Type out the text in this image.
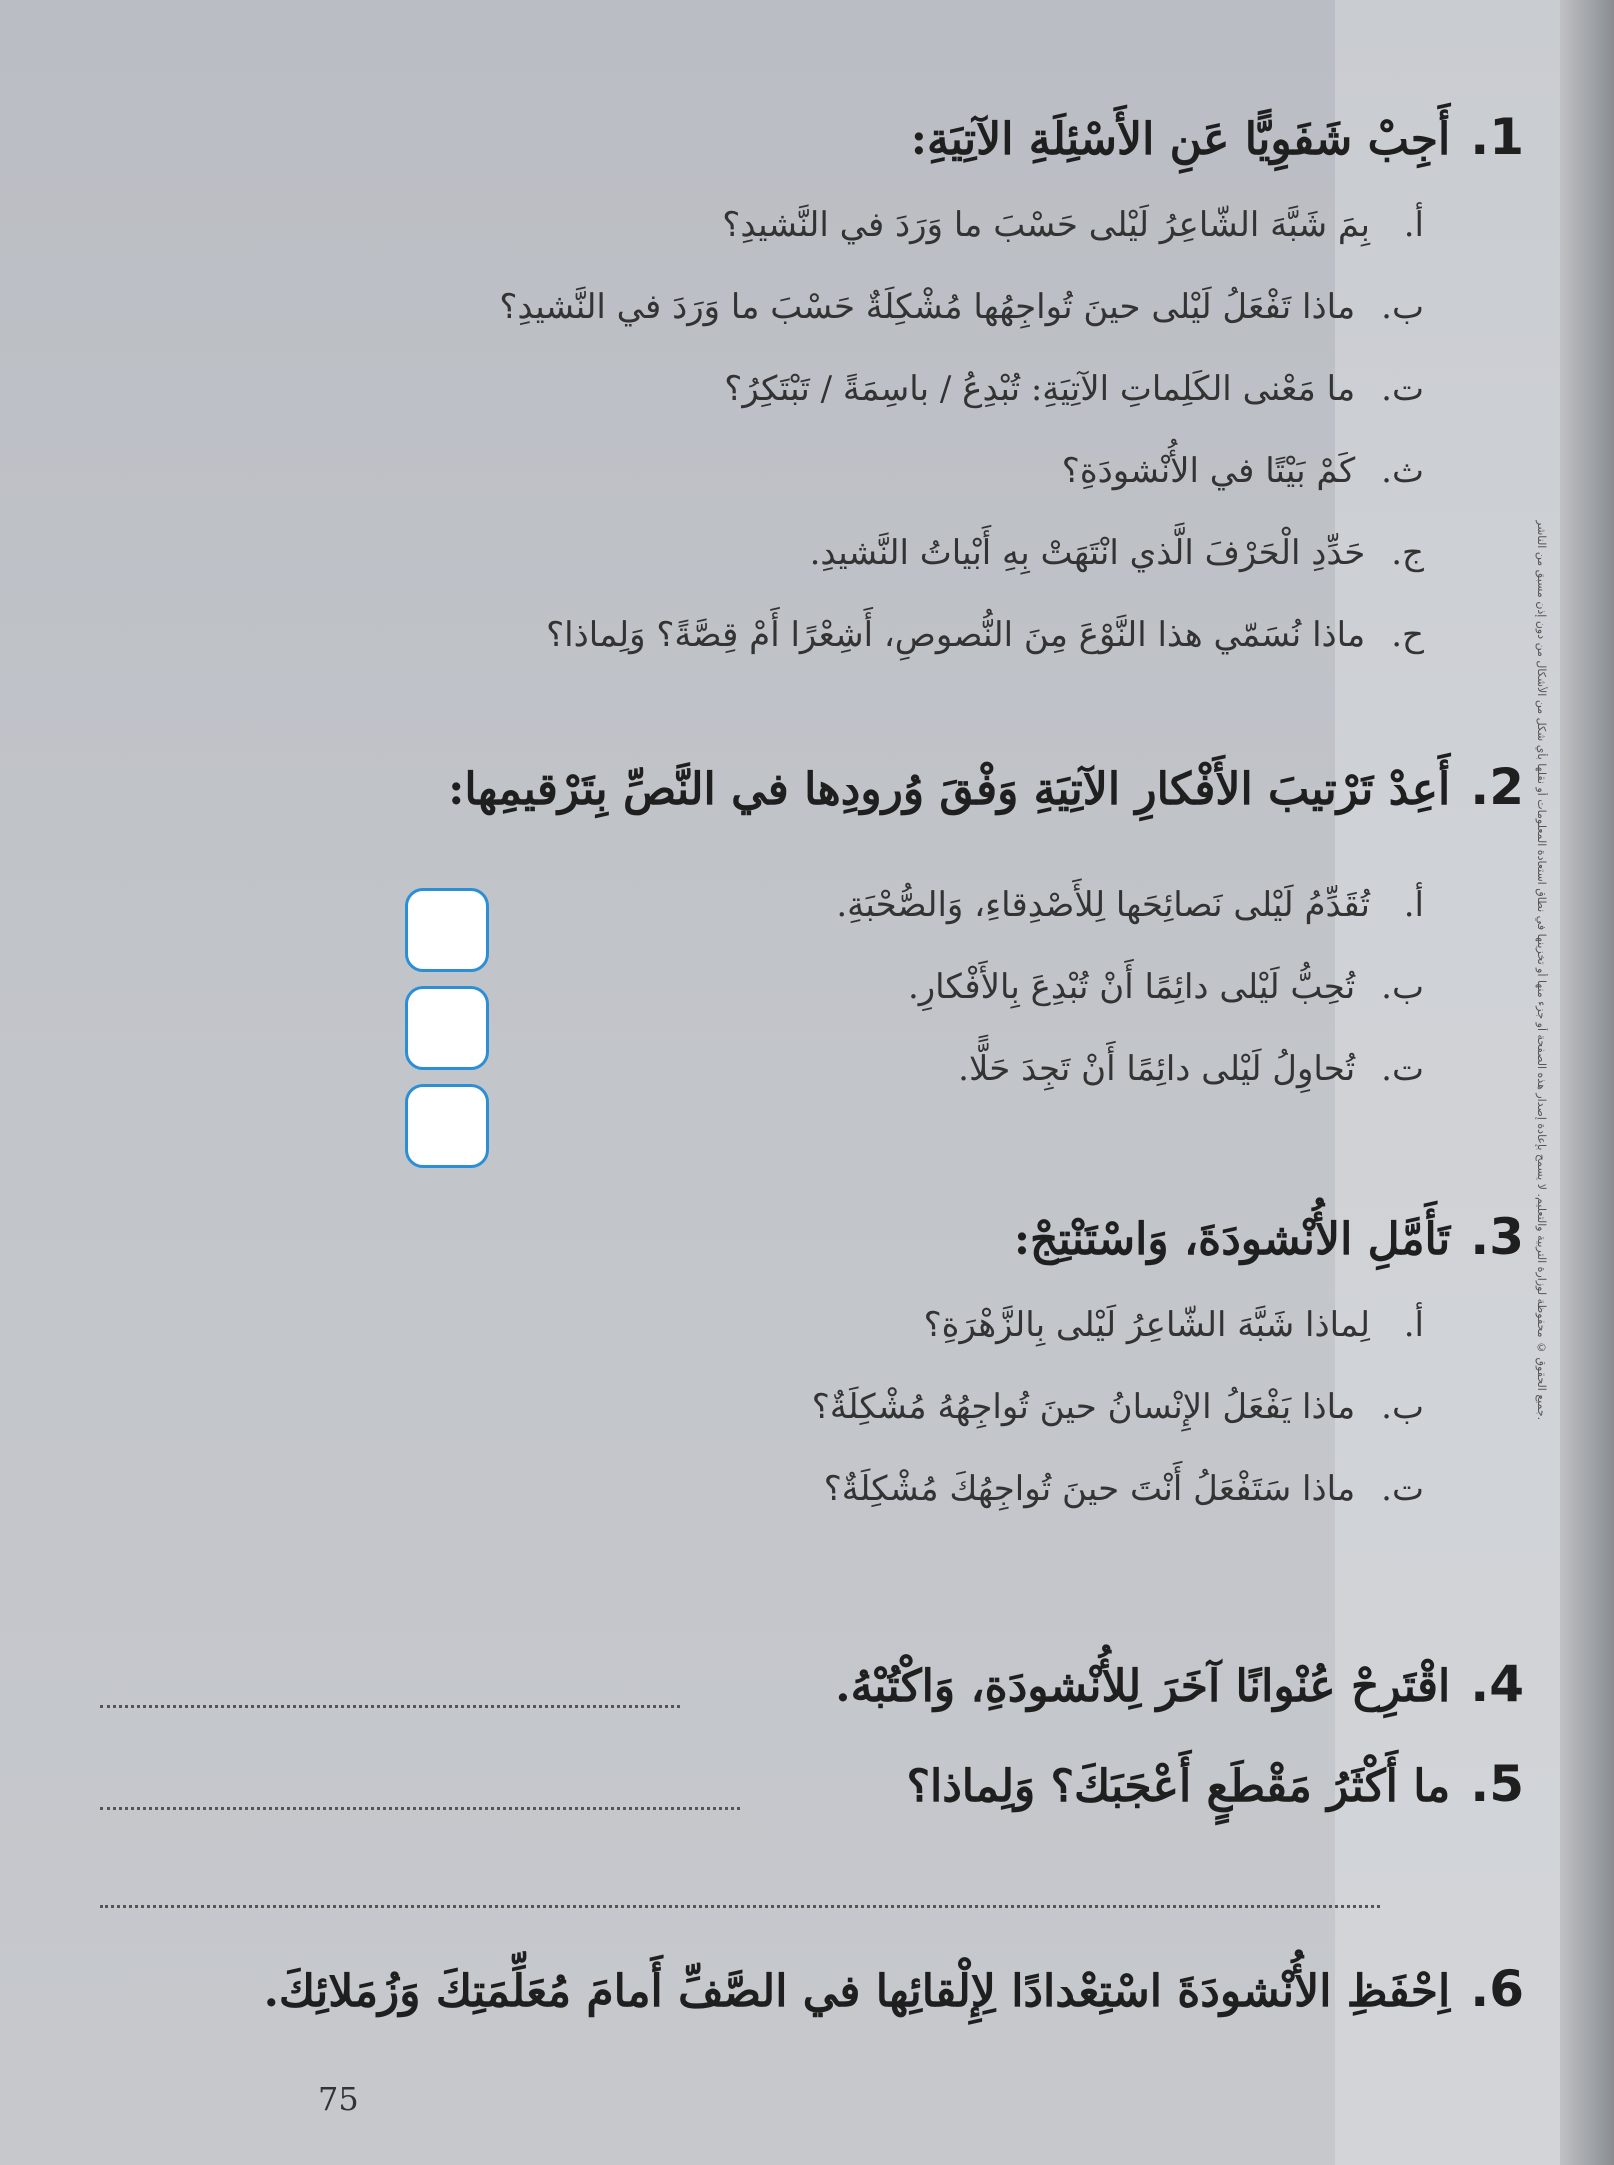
جميع الحقوق © محفوظة لوزارة التربية والتعليم. لا يسمح بإعادة إصدار هذه الصفحة أو جزء منها أو تخزينها في نطاق استعادة المعلومات أو نقلها بأي شكل من الأشكال من دون إذن مسبق من الناشر.
.1
أَجِبْ شَفَوِيًّا عَنِ الأَسْئِلَةِ الآتِيَةِ:
أ.
بِمَ شَبَّهَ الشّاعِرُ لَيْلى حَسْبَ ما وَرَدَ في النَّشيدِ؟
ب.
ماذا تَفْعَلُ لَيْلى حينَ تُواجِهُها مُشْكِلَةٌ حَسْبَ ما وَرَدَ في النَّشيدِ؟
ت.
ما مَعْنى الكَلِماتِ الآتِيَةِ: تُبْدِعُ / باسِمَةً / تَبْتَكِرُ؟
ث.
كَمْ بَيْتًا في الأُنْشودَةِ؟
ج.
حَدِّدِ الْحَرْفَ الَّذي انْتَهَتْ بِهِ أَبْياتُ النَّشيدِ.
ح.
ماذا نُسَمّي هذا النَّوْعَ مِنَ النُّصوصِ، أَشِعْرًا أَمْ قِصَّةً؟ وَلِماذا؟
.2
أَعِدْ تَرْتيبَ الأَفْكارِ الآتِيَةِ وَفْقَ وُرودِها في النَّصِّ بِتَرْقيمِها:
أ.
تُقَدِّمُ لَيْلى نَصائِحَها لِلأَصْدِقاءِ، وَالصُّحْبَةِ.
ب.
تُحِبُّ لَيْلى دائِمًا أَنْ تُبْدِعَ بِالأَفْكارِ.
ت.
تُحاوِلُ لَيْلى دائِمًا أَنْ تَجِدَ حَلًّا.
.3
تَأَمَّلِ الأُنْشودَةَ، وَاسْتَنْتِجْ:
أ.
لِماذا شَبَّهَ الشّاعِرُ لَيْلى بِالزَّهْرَةِ؟
ب.
ماذا يَفْعَلُ الإِنْسانُ حينَ تُواجِهُهُ مُشْكِلَةٌ؟
ت.
ماذا سَتَفْعَلُ أَنْتَ حينَ تُواجِهُكَ مُشْكِلَةٌ؟
.4
اقْتَرِحْ عُنْوانًا آخَرَ لِلأُنْشودَةِ، وَاكْتُبْهُ.
.5
ما أَكْثَرُ مَقْطَعٍ أَعْجَبَكَ؟ وَلِماذا؟
.6
اِحْفَظِ الأُنْشودَةَ اسْتِعْدادًا لِإِلْقائِها في الصَّفِّ أَمامَ مُعَلِّمَتِكَ وَزُمَلائِكَ.
75
